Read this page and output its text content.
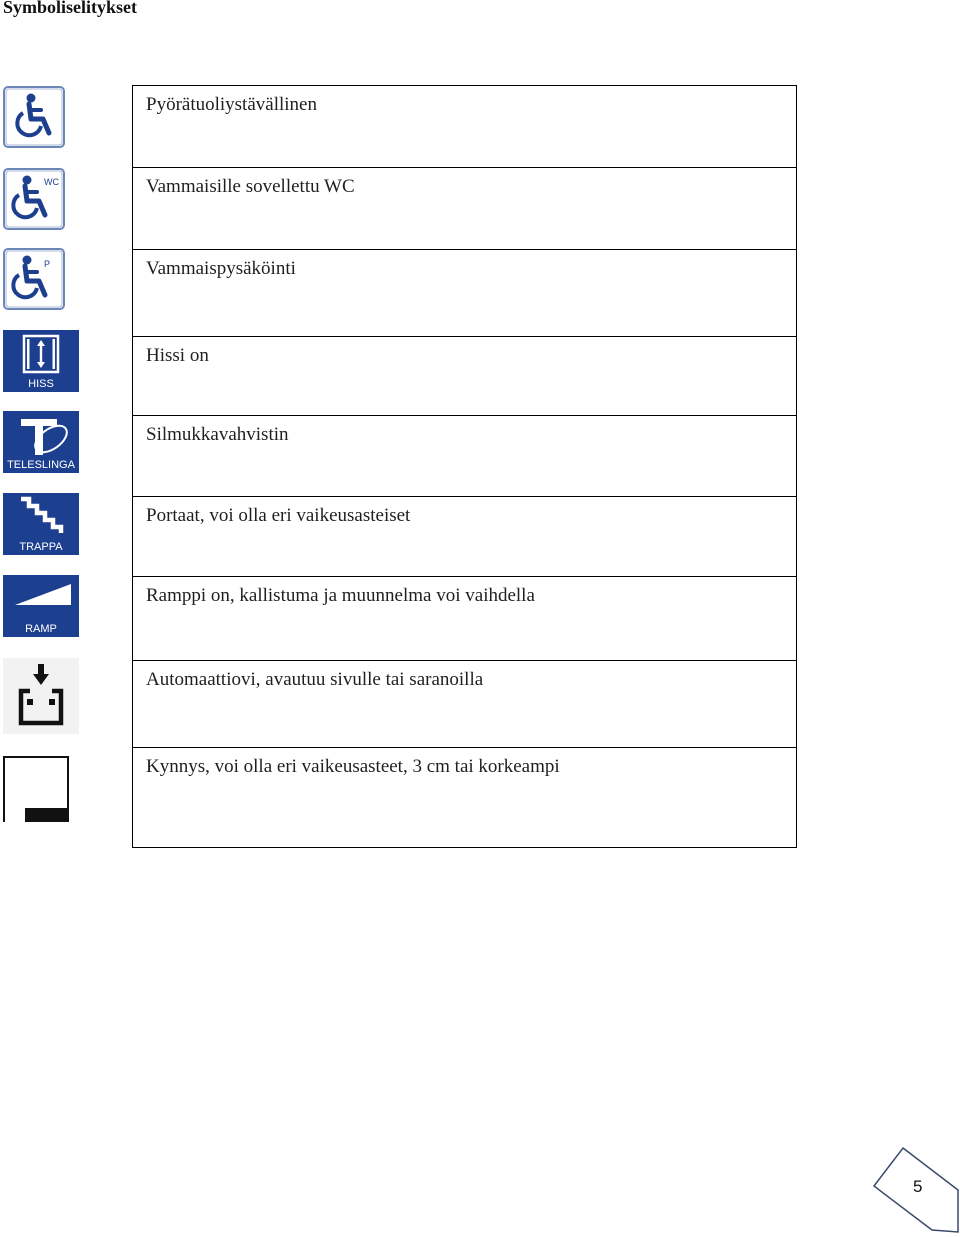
Symboliselitykset
WC
P
HISS
TELESLINGA
TRAPPA
RAMP
Pyörätuoliystävällinen
Vammaisille sovellettu WC
Vammaispysäköinti
Hissi on
Silmukkavahvistin
Portaat, voi olla eri vaikeusasteiset
Ramppi on, kallistuma ja muunnelma voi vaihdella
Automaattiovi, avautuu sivulle tai saranoilla
Kynnys, voi olla eri vaikeusasteet, 3 cm tai korkeampi
5
